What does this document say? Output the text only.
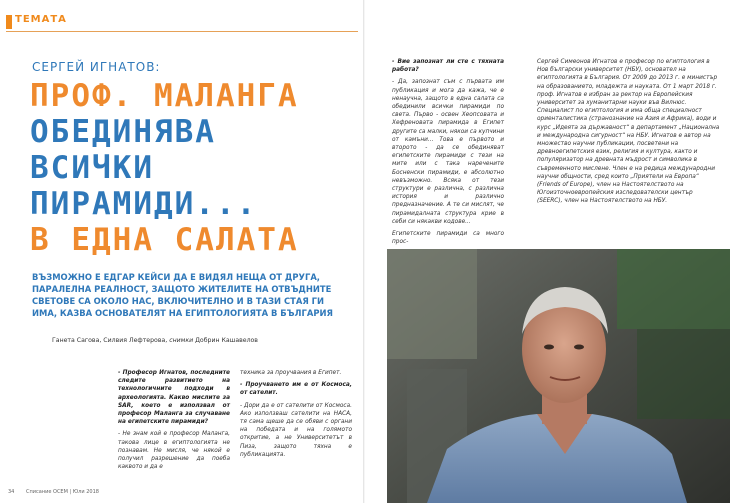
ТЕМАТА
СЕРГЕЙ ИГНАТОВ:
ПРОФ. МАЛАНГА
ОБЕДИНЯВА
ВСИЧКИ
ПИРАМИДИ...
В ЕДНА САЛАТА
ВЪЗМОЖНО Е ЕДГАР КЕЙСИ ДА Е ВИДЯЛ НЕЩА ОТ ДРУГА, ПАРАЛЕЛНА РЕАЛНОСТ, ЗАЩОТО ЖИТЕЛИТЕ НА ОТВЪДНИТЕ СВЕТОВЕ СА ОКОЛО НАС, ВКЛЮЧИТЕЛНО И В ТАЗИ СТАЯ ГИ ИМА, КАЗВА ОСНОВАТЕЛЯТ НА ЕГИПТОЛОГИЯТА В БЪЛГАРИЯ
Ганета Сагова, Силвия Лефтерова, снимки Добрин Кашавелов

- Професор Игнатов, последните следите развитието на технологичните подходи в археологията. Какво мислите за SAR, което е използвал от професор Маланга за случаване на египетските пирамиди?

- Не знам кой е професор Маланга, такова лице в египтологията не познавам. Не мисля, че някой е получил разрешение да поеба каквото и да е

техника за проучвания в Египет.

- Проучването им е от Космоса, от сателит.

- Дори да е от сателити от Космоса. Ако използваш сателити на НАСА, тя сама щеше да се обяви с органи на победата и на голямото откритие, а не Университетът в Пиза, защото тяхна е публикацията.

- Вие запознат ли сте с тяхната работа?

- Да, запознат съм с първата им публикация и мога да кажа, че е ненаучна, защото в една салата са обединили всички пирамиди по света. Първо - освен Хеопсовата и Хефреновата пирамида в Египет другите са малки, някои са купчини от камъни... Това е първото и второто - да се обединяват египетските пирамиди с тези на мите или с така наречените Босненски пирамиди, е абсолютно невъзможно. Всяка от тези структури е различна, с различна история и различно предназначение. А те си мислят, че пирамидалната структура крие в себи си някакви кодове...

Египетските пирамиди са много прос-

Сергей Симеонов Игнатов е професор по египтология в Нов български университет (НБУ), основател на египтологията в България. От 2009 до 2013 г. е министър на образованието, младежта и науката. От 1 март 2018 г. проф. Игнатов е избран за ректор на Европейския университет за хуманитарни науки във Вилнюс. Специалист по египтология и има обща специалност ориенталистика (странознание на Азия и Африка), води и курс „Идеята за държавност“ в департамент „Национална и международна сигурност“ на НБУ. Игнатов е автор на множество научни публикации, посветени на древноегипетския език, религия и култура, както и популяризатор на древната мъдрост и символика в съвременното мислене. Член е на редица международни научни общности, сред които „Приятели на Европа“ (Friends of Europe), член на Настоятелството на Югоизточноевропейския изследователски център (SEERC), член на Настоятелството на НБУ.
34 Списание ОСЕМ | Юли 2018
